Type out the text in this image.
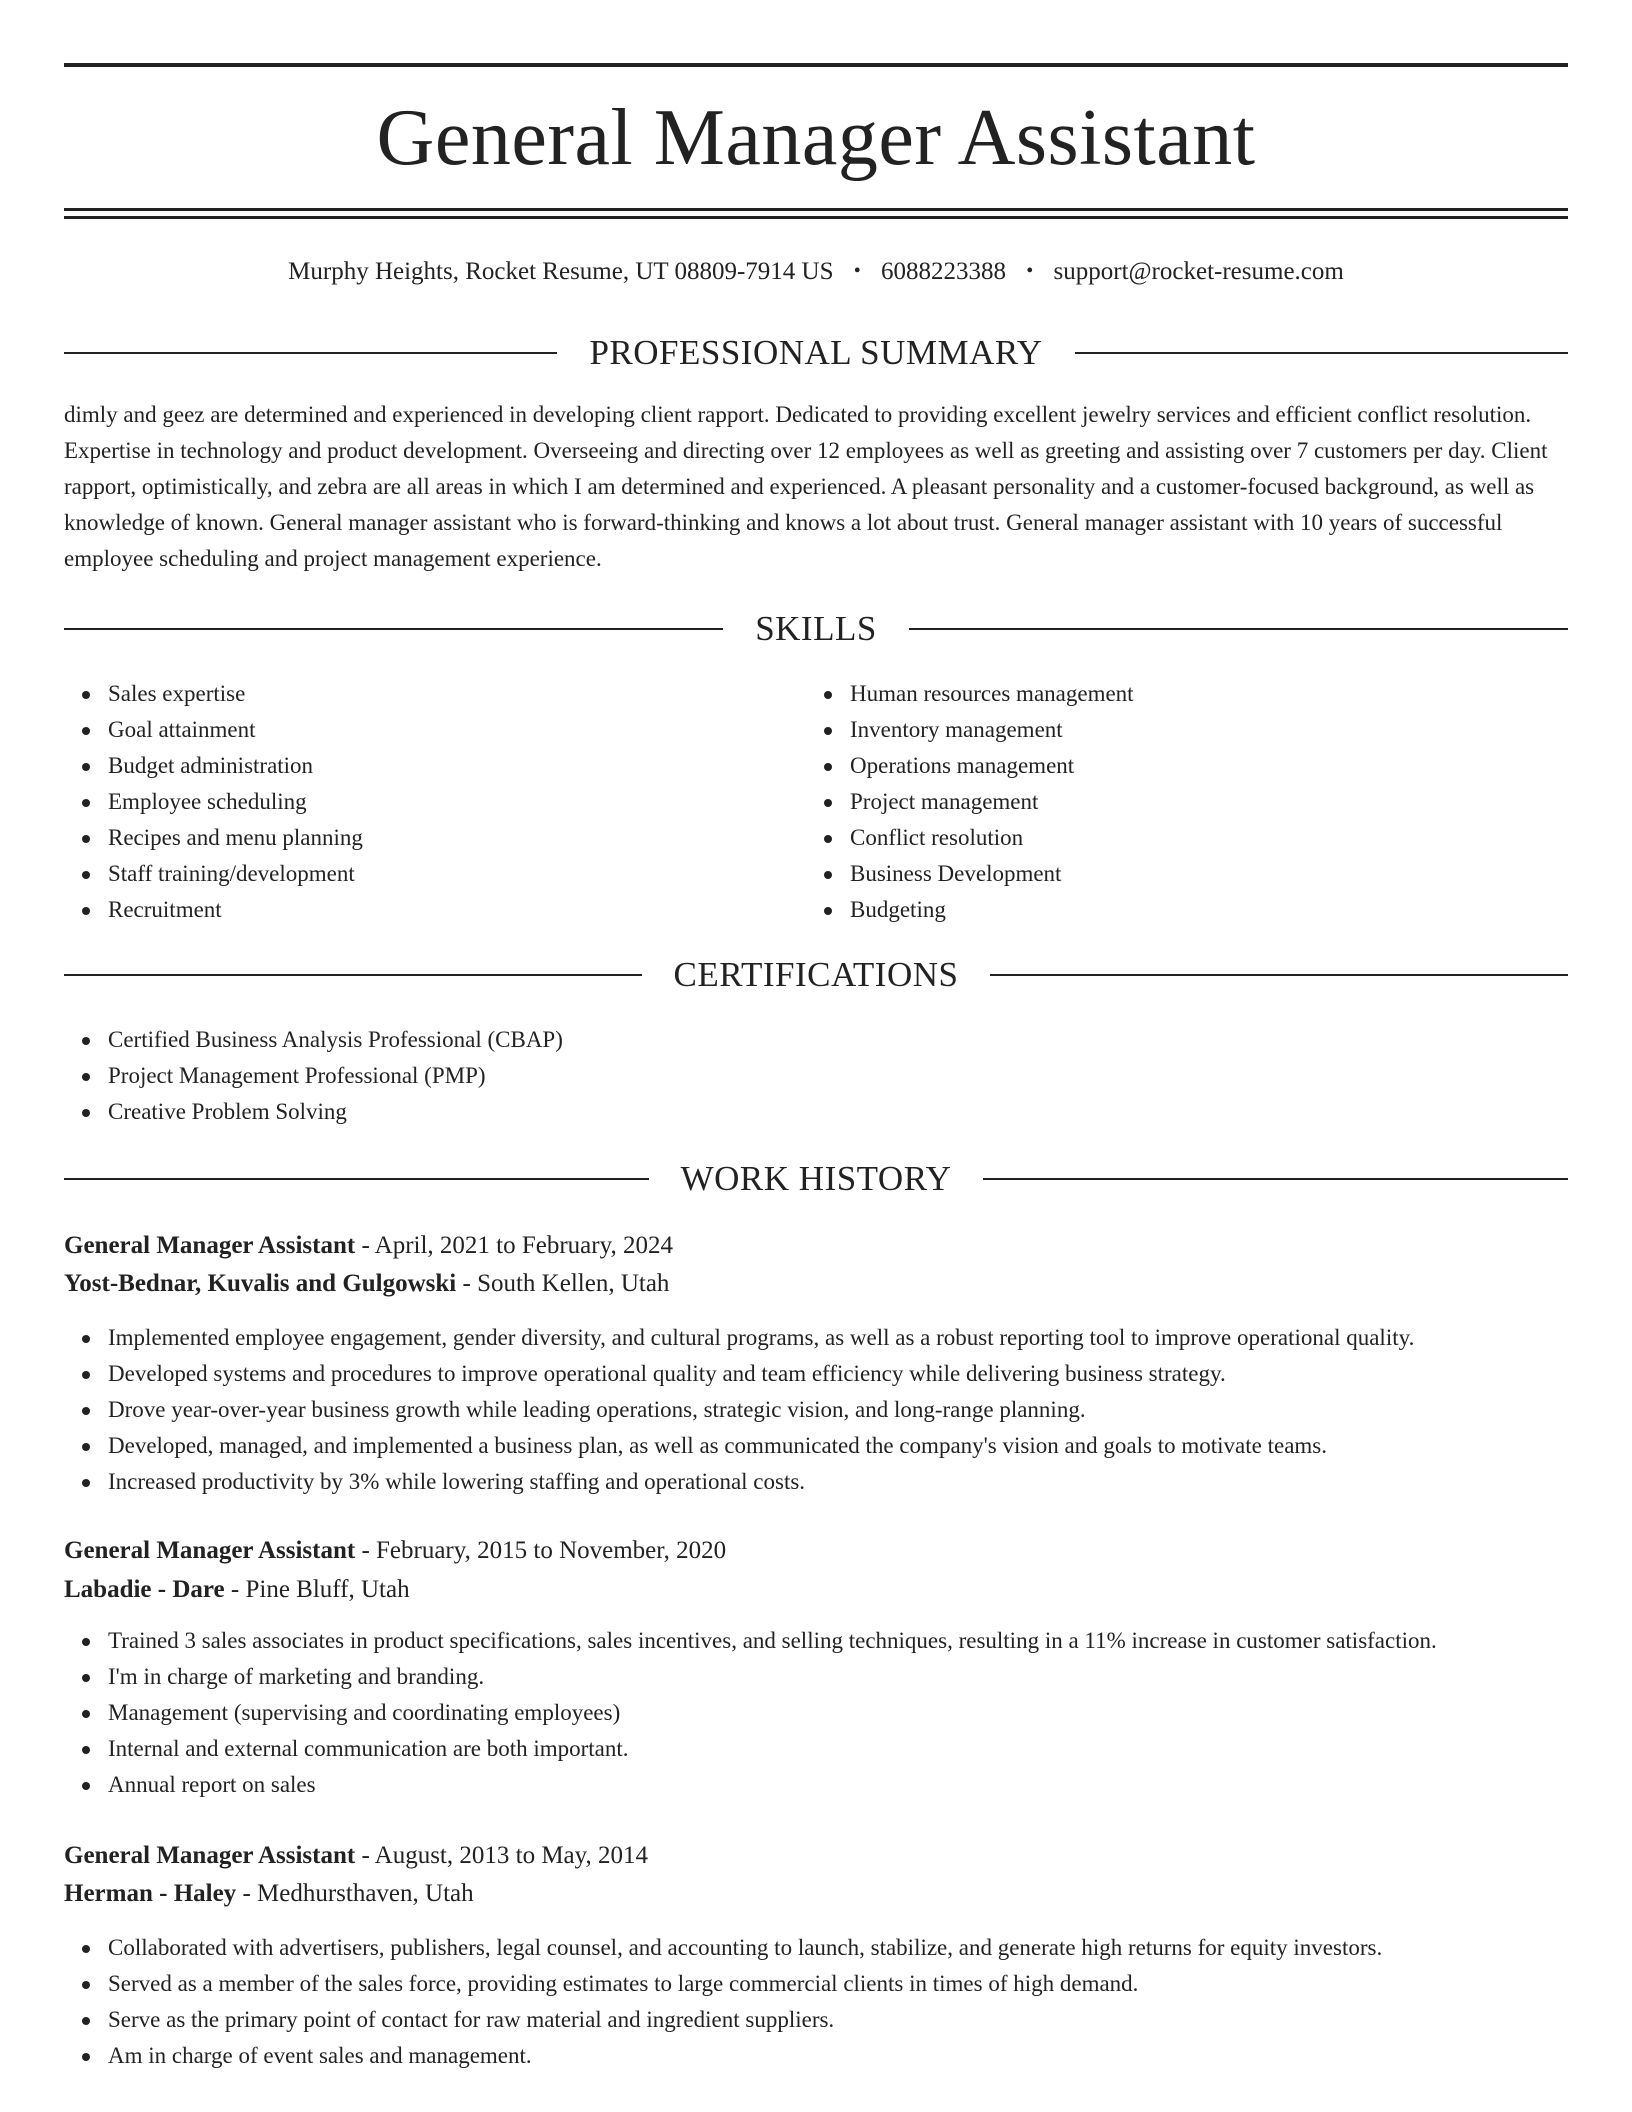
General Manager Assistant
Murphy Heights, Rocket Resume, UT 08809-7914 US • 6088223388 • support@rocket-resume.com
PROFESSIONAL SUMMARY

dimly and geez are determined and experienced in developing client rapport. Dedicated to providing excellent jewelry services and efficient conflict resolution. Expertise in technology and product development. Overseeing and directing over 12 employees as well as greeting and assisting over 7 customers per day. Client rapport, optimistically, and zebra are all areas in which I am determined and experienced. A pleasant personality and a customer-focused background, as well as knowledge of known. General manager assistant who is forward-thinking and knows a lot about trust. General manager assistant with 10 years of successful employee scheduling and project management experience.

SKILLS
Sales expertise
Goal attainment
Budget administration
Employee scheduling
Recipes and menu planning
Staff training/development
Recruitment
Human resources management
Inventory management
Operations management
Project management
Conflict resolution
Business Development
Budgeting
CERTIFICATIONS
Certified Business Analysis Professional (CBAP)
Project Management Professional (PMP)
Creative Problem Solving
WORK HISTORY
General Manager Assistant - April, 2021 to February, 2024
Yost-Bednar, Kuvalis and Gulgowski - South Kellen, Utah
Implemented employee engagement, gender diversity, and cultural programs, as well as a robust reporting tool to improve operational quality.
Developed systems and procedures to improve operational quality and team efficiency while delivering business strategy.
Drove year-over-year business growth while leading operations, strategic vision, and long-range planning.
Developed, managed, and implemented a business plan, as well as communicated the company's vision and goals to motivate teams.
Increased productivity by 3% while lowering staffing and operational costs.
General Manager Assistant - February, 2015 to November, 2020
Labadie - Dare - Pine Bluff, Utah
Trained 3 sales associates in product specifications, sales incentives, and selling techniques, resulting in a 11% increase in customer satisfaction.
I'm in charge of marketing and branding.
Management (supervising and coordinating employees)
Internal and external communication are both important.
Annual report on sales
General Manager Assistant - August, 2013 to May, 2014
Herman - Haley - Medhursthaven, Utah
Collaborated with advertisers, publishers, legal counsel, and accounting to launch, stabilize, and generate high returns for equity investors.
Served as a member of the sales force, providing estimates to large commercial clients in times of high demand.
Serve as the primary point of contact for raw material and ingredient suppliers.
Am in charge of event sales and management.
